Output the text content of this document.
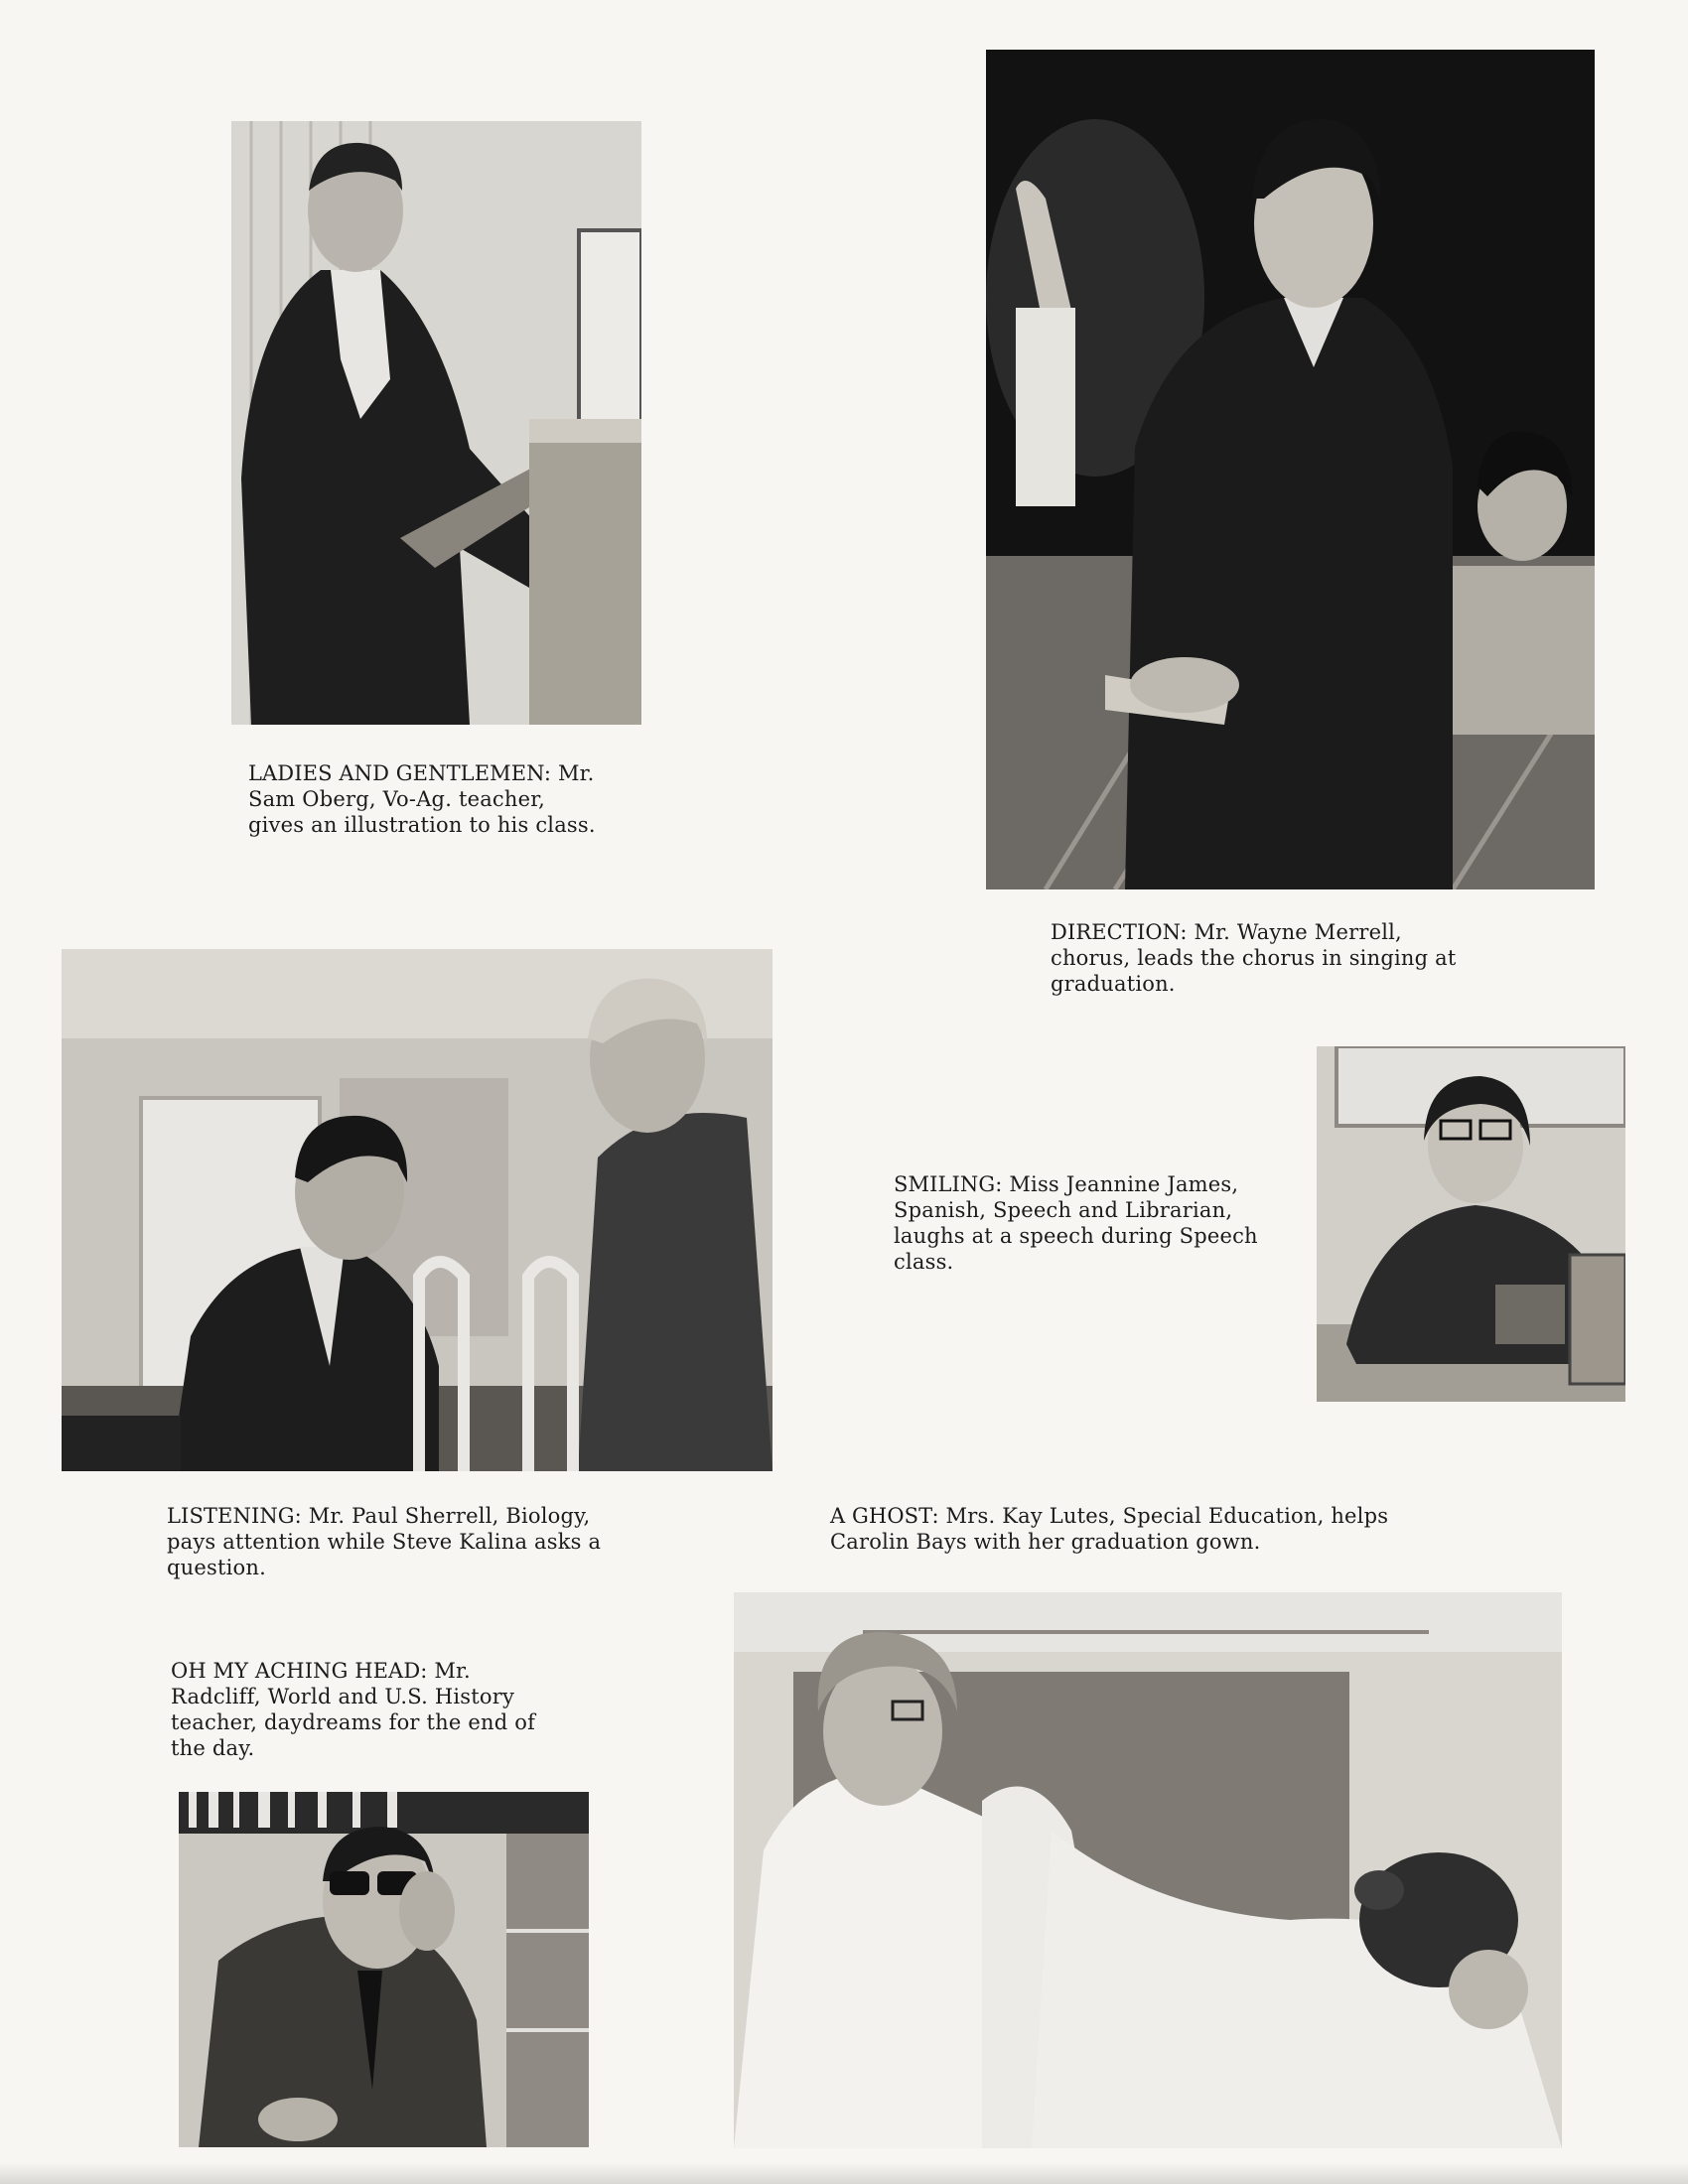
LADIES AND GENTLEMEN: Mr.
Sam Oberg, Vo-Ag. teacher,
gives an illustration to his class.

DIRECTION: Mr. Wayne Merrell,
chorus, leads the chorus in singing at
graduation.

SMILING: Miss Jeannine James,
Spanish, Speech and Librarian,
laughs at a speech during Speech
class.

LISTENING: Mr. Paul Sherrell, Biology,
pays attention while Steve Kalina asks a
question.

A GHOST: Mrs. Kay Lutes, Special Education, helps
Carolin Bays with her graduation gown.

OH MY ACHING HEAD: Mr.
Radcliff, World and U.S. History
teacher, daydreams for the end of
the day.
